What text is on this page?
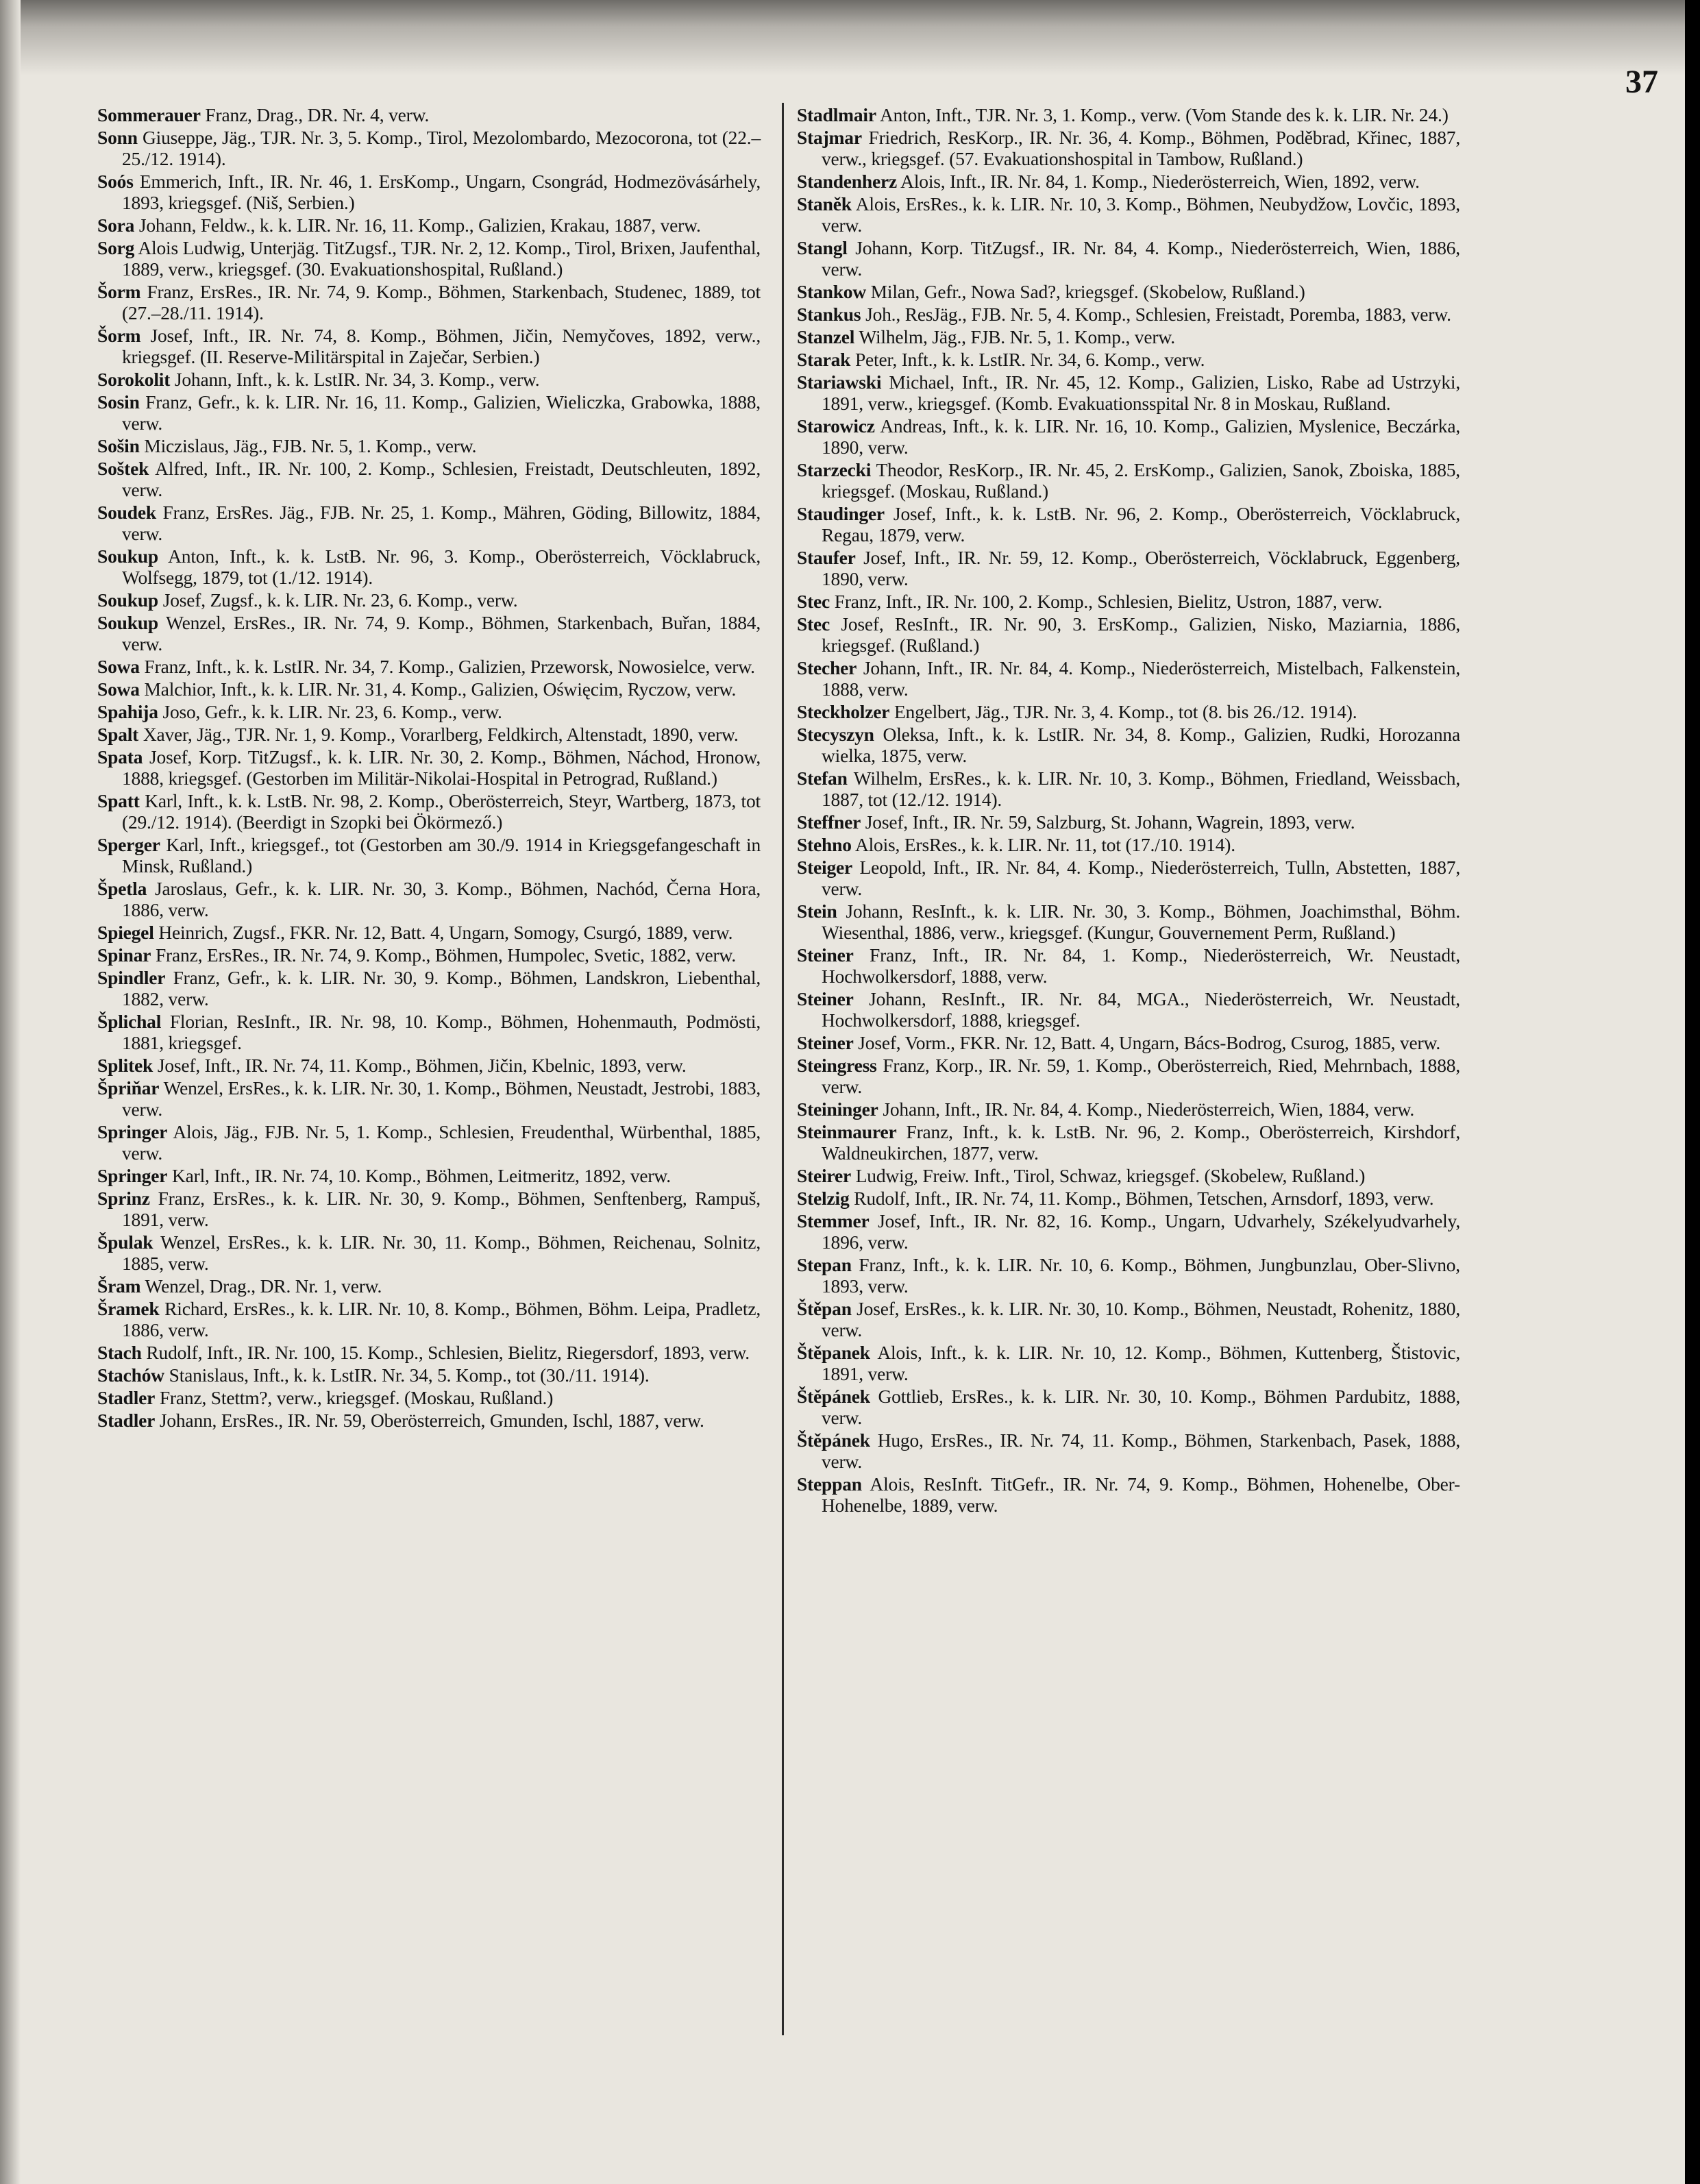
37
Sommerauer Franz, Drag., DR. Nr. 4, verw.
Sonn Giuseppe, Jäg., TJR. Nr. 3, 5. Komp., Tirol, Mezolombardo, Mezocorona, tot (22.–25./12. 1914).
Soós Emmerich, Inft., IR. Nr. 46, 1. ErsKomp., Ungarn, Csongrád, Hodmezövásárhely, 1893, kriegsgef. (Niš, Serbien.)
Sora Johann, Feldw., k. k. LIR. Nr. 16, 11. Komp., Galizien, Krakau, 1887, verw.
Sorg Alois Ludwig, Unterjäg. TitZugsf., TJR. Nr. 2, 12. Komp., Tirol, Brixen, Jaufenthal, 1889, verw., kriegsgef. (30. Evakuationshospital, Rußland.)
Šorm Franz, ErsRes., IR. Nr. 74, 9. Komp., Böhmen, Starkenbach, Studenec, 1889, tot (27.–28./11. 1914).
Šorm Josef, Inft., IR. Nr. 74, 8. Komp., Böhmen, Jičin, Nemyčoves, 1892, verw., kriegsgef. (II. Reserve-Militärspital in Zaječar, Serbien.)
Sorokolit Johann, Inft., k. k. LstIR. Nr. 34, 3. Komp., verw.
Sosin Franz, Gefr., k. k. LIR. Nr. 16, 11. Komp., Galizien, Wieliczka, Grabowka, 1888, verw.
Sošin Miczislaus, Jäg., FJB. Nr. 5, 1. Komp., verw.
Soštek Alfred, Inft., IR. Nr. 100, 2. Komp., Schlesien, Freistadt, Deutschleuten, 1892, verw.
Soudek Franz, ErsRes. Jäg., FJB. Nr. 25, 1. Komp., Mähren, Göding, Billowitz, 1884, verw.
Soukup Anton, Inft., k. k. LstB. Nr. 96, 3. Komp., Oberösterreich, Vöcklabruck, Wolfsegg, 1879, tot (1./12. 1914).
Soukup Josef, Zugsf., k. k. LIR. Nr. 23, 6. Komp., verw.
Soukup Wenzel, ErsRes., IR. Nr. 74, 9. Komp., Böhmen, Starkenbach, Buřan, 1884, verw.
Sowa Franz, Inft., k. k. LstIR. Nr. 34, 7. Komp., Galizien, Przeworsk, Nowosielce, verw.
Sowa Malchior, Inft., k. k. LIR. Nr. 31, 4. Komp., Galizien, Oświęcim, Ryczow, verw.
Spahija Joso, Gefr., k. k. LIR. Nr. 23, 6. Komp., verw.
Spalt Xaver, Jäg., TJR. Nr. 1, 9. Komp., Vorarlberg, Feldkirch, Altenstadt, 1890, verw.
Spata Josef, Korp. TitZugsf., k. k. LIR. Nr. 30, 2. Komp., Böhmen, Náchod, Hronow, 1888, kriegsgef. (Gestorben im Militär-Nikolai-Hospital in Petrograd, Rußland.)
Spatt Karl, Inft., k. k. LstB. Nr. 98, 2. Komp., Oberösterreich, Steyr, Wartberg, 1873, tot (29./12. 1914). (Beerdigt in Szopki bei Ökörmező.)
Sperger Karl, Inft., kriegsgef., tot (Gestorben am 30./9. 1914 in Kriegsgefangeschaft in Minsk, Rußland.)
Špetla Jaroslaus, Gefr., k. k. LIR. Nr. 30, 3. Komp., Böhmen, Nachód, Černa Hora, 1886, verw.
Spiegel Heinrich, Zugsf., FKR. Nr. 12, Batt. 4, Ungarn, Somogy, Csurgó, 1889, verw.
Spinar Franz, ErsRes., IR. Nr. 74, 9. Komp., Böhmen, Humpolec, Svetic, 1882, verw.
Spindler Franz, Gefr., k. k. LIR. Nr. 30, 9. Komp., Böhmen, Landskron, Liebenthal, 1882, verw.
Šplichal Florian, ResInft., IR. Nr. 98, 10. Komp., Böhmen, Hohenmauth, Podmösti, 1881, kriegsgef.
Splitek Josef, Inft., IR. Nr. 74, 11. Komp., Böhmen, Jičin, Kbelnic, 1893, verw.
Špriňar Wenzel, ErsRes., k. k. LIR. Nr. 30, 1. Komp., Böhmen, Neustadt, Jestrobi, 1883, verw.
Springer Alois, Jäg., FJB. Nr. 5, 1. Komp., Schlesien, Freudenthal, Würbenthal, 1885, verw.
Springer Karl, Inft., IR. Nr. 74, 10. Komp., Böhmen, Leitmeritz, 1892, verw.
Sprinz Franz, ErsRes., k. k. LIR. Nr. 30, 9. Komp., Böhmen, Senftenberg, Rampuš, 1891, verw.
Špulak Wenzel, ErsRes., k. k. LIR. Nr. 30, 11. Komp., Böhmen, Reichenau, Solnitz, 1885, verw.
Šram Wenzel, Drag., DR. Nr. 1, verw.
Šramek Richard, ErsRes., k. k. LIR. Nr. 10, 8. Komp., Böhmen, Böhm. Leipa, Pradletz, 1886, verw.
Stach Rudolf, Inft., IR. Nr. 100, 15. Komp., Schlesien, Bielitz, Riegersdorf, 1893, verw.
Stachów Stanislaus, Inft., k. k. LstIR. Nr. 34, 5. Komp., tot (30./11. 1914).
Stadler Franz, Stettm?, verw., kriegsgef. (Moskau, Rußland.)
Stadler Johann, ErsRes., IR. Nr. 59, Oberösterreich, Gmunden, Ischl, 1887, verw.
Stadlmair Anton, Inft., TJR. Nr. 3, 1. Komp., verw. (Vom Stande des k. k. LIR. Nr. 24.)
Stajmar Friedrich, ResKorp., IR. Nr. 36, 4. Komp., Böhmen, Poděbrad, Křinec, 1887, verw., kriegsgef. (57. Evakuationshospital in Tambow, Rußland.)
Standenherz Alois, Inft., IR. Nr. 84, 1. Komp., Niederösterreich, Wien, 1892, verw.
Staněk Alois, ErsRes., k. k. LIR. Nr. 10, 3. Komp., Böhmen, Neubydžow, Lovčic, 1893, verw.
Stangl Johann, Korp. TitZugsf., IR. Nr. 84, 4. Komp., Niederösterreich, Wien, 1886, verw.
Stankow Milan, Gefr., Nowa Sad?, kriegsgef. (Skobelow, Rußland.)
Stankus Joh., ResJäg., FJB. Nr. 5, 4. Komp., Schlesien, Freistadt, Poremba, 1883, verw.
Stanzel Wilhelm, Jäg., FJB. Nr. 5, 1. Komp., verw.
Starak Peter, Inft., k. k. LstIR. Nr. 34, 6. Komp., verw.
Stariawski Michael, Inft., IR. Nr. 45, 12. Komp., Galizien, Lisko, Rabe ad Ustrzyki, 1891, verw., kriegsgef. (Komb. Evakuationsspital Nr. 8 in Moskau, Rußland.
Starowicz Andreas, Inft., k. k. LIR. Nr. 16, 10. Komp., Galizien, Myslenice, Beczárka, 1890, verw.
Starzecki Theodor, ResKorp., IR. Nr. 45, 2. ErsKomp., Galizien, Sanok, Zboiska, 1885, kriegsgef. (Moskau, Rußland.)
Staudinger Josef, Inft., k. k. LstB. Nr. 96, 2. Komp., Oberösterreich, Vöcklabruck, Regau, 1879, verw.
Staufer Josef, Inft., IR. Nr. 59, 12. Komp., Oberösterreich, Vöcklabruck, Eggenberg, 1890, verw.
Stec Franz, Inft., IR. Nr. 100, 2. Komp., Schlesien, Bielitz, Ustron, 1887, verw.
Stec Josef, ResInft., IR. Nr. 90, 3. ErsKomp., Galizien, Nisko, Maziarnia, 1886, kriegsgef. (Rußland.)
Stecher Johann, Inft., IR. Nr. 84, 4. Komp., Niederösterreich, Mistelbach, Falkenstein, 1888, verw.
Steckholzer Engelbert, Jäg., TJR. Nr. 3, 4. Komp., tot (8. bis 26./12. 1914).
Stecyszyn Oleksa, Inft., k. k. LstIR. Nr. 34, 8. Komp., Galizien, Rudki, Horozanna wielka, 1875, verw.
Stefan Wilhelm, ErsRes., k. k. LIR. Nr. 10, 3. Komp., Böhmen, Friedland, Weissbach, 1887, tot (12./12. 1914).
Steffner Josef, Inft., IR. Nr. 59, Salzburg, St. Johann, Wagrein, 1893, verw.
Stehno Alois, ErsRes., k. k. LIR. Nr. 11, tot (17./10. 1914).
Steiger Leopold, Inft., IR. Nr. 84, 4. Komp., Niederösterreich, Tulln, Abstetten, 1887, verw.
Stein Johann, ResInft., k. k. LIR. Nr. 30, 3. Komp., Böhmen, Joachimsthal, Böhm. Wiesenthal, 1886, verw., kriegsgef. (Kungur, Gouvernement Perm, Rußland.)
Steiner Franz, Inft., IR. Nr. 84, 1. Komp., Niederösterreich, Wr. Neustadt, Hochwolkersdorf, 1888, verw.
Steiner Johann, ResInft., IR. Nr. 84, MGA., Niederösterreich, Wr. Neustadt, Hochwolkersdorf, 1888, kriegsgef.
Steiner Josef, Vorm., FKR. Nr. 12, Batt. 4, Ungarn, Bács-Bodrog, Csurog, 1885, verw.
Steingress Franz, Korp., IR. Nr. 59, 1. Komp., Oberösterreich, Ried, Mehrnbach, 1888, verw.
Steininger Johann, Inft., IR. Nr. 84, 4. Komp., Niederösterreich, Wien, 1884, verw.
Steinmaurer Franz, Inft., k. k. LstB. Nr. 96, 2. Komp., Oberösterreich, Kirshdorf, Waldneukirchen, 1877, verw.
Steirer Ludwig, Freiw. Inft., Tirol, Schwaz, kriegsgef. (Skobelew, Rußland.)
Stelzig Rudolf, Inft., IR. Nr. 74, 11. Komp., Böhmen, Tetschen, Arnsdorf, 1893, verw.
Stemmer Josef, Inft., IR. Nr. 82, 16. Komp., Ungarn, Udvarhely, Székelyudvarhely, 1896, verw.
Stepan Franz, Inft., k. k. LIR. Nr. 10, 6. Komp., Böhmen, Jungbunzlau, Ober-Slivno, 1893, verw.
Štěpan Josef, ErsRes., k. k. LIR. Nr. 30, 10. Komp., Böhmen, Neustadt, Rohenitz, 1880, verw.
Štěpanek Alois, Inft., k. k. LIR. Nr. 10, 12. Komp., Böhmen, Kuttenberg, Štistovic, 1891, verw.
Štěpánek Gottlieb, ErsRes., k. k. LIR. Nr. 30, 10. Komp., Böhmen Pardubitz, 1888, verw.
Štěpánek Hugo, ErsRes., IR. Nr. 74, 11. Komp., Böhmen, Starkenbach, Pasek, 1888, verw.
Steppan Alois, ResInft. TitGefr., IR. Nr. 74, 9. Komp., Böhmen, Hohenelbe, Ober-Hohenelbe, 1889, verw.
